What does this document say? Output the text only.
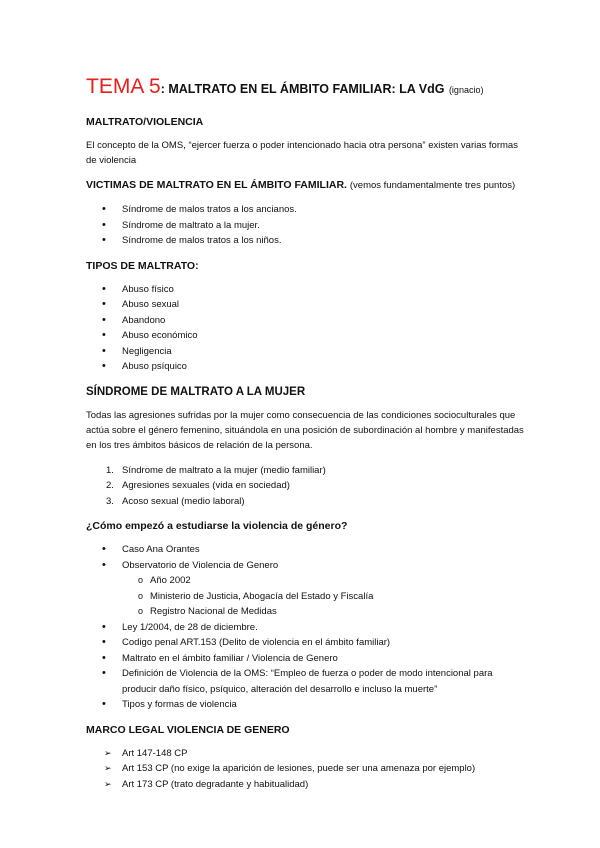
TEMA 5: MALTRATO EN EL ÁMBITO FAMILIAR: LA VdG (ignacio)
MALTRATO/VIOLENCIA
El concepto de la OMS, “ejercer fuerza o poder intencionado hacia otra persona” existen varias formas de violencia
VICTIMAS DE MALTRATO EN EL ÁMBITO FAMILIAR. (vemos fundamentalmente tres puntos)
•
Síndrome de malos tratos a los ancianos.
•
Síndrome de maltrato a la mujer.
•
Síndrome de malos tratos a los niños.
TIPOS DE MALTRATO:
•
Abuso físico
•
Abuso sexual
•
Abandono
•
Abuso económico
•
Negligencia
•
Abuso psíquico
SÍNDROME DE MALTRATO A LA MUJER
Todas las agresiones sufridas por la mujer como consecuencia de las condiciones socioculturales que actúa sobre el género femenino, situándola en una posición de subordinación al hombre y manifestadas en los tres ámbitos básicos de relación de la persona.
1. Síndrome de maltrato a la mujer (medio familiar)
2. Agresiones sexuales (vida en sociedad)
3. Acoso sexual (medio laboral)
¿Cómo empezó a estudiarse la violencia de género?
•
Caso Ana Orantes
•
Observatorio de Violencia de Genero
o Año 2002
o Ministerio de Justicia, Abogacía del Estado y Fiscalía
o Registro Nacional de Medidas
•
Ley 1/2004, de 28 de diciembre.
•
Codigo penal ART.153 (Delito de violencia en el ámbito familiar)
•
Maltrato en el ámbito familiar / Violencia de Genero
•
Definición de Violencia de la OMS: “Empleo de fuerza o poder de modo intencional para producir daño físico, psíquico, alteración del desarrollo e incluso la muerte”
•
Tipos y formas de violencia
MARCO LEGAL VIOLENCIA DE GENERO
➢	Art 147-148 CP
➢	Art 153 CP (no exige la aparición de lesiones, puede ser una amenaza por ejemplo)
➢	Art 173 CP (trato degradante y habitualidad)
